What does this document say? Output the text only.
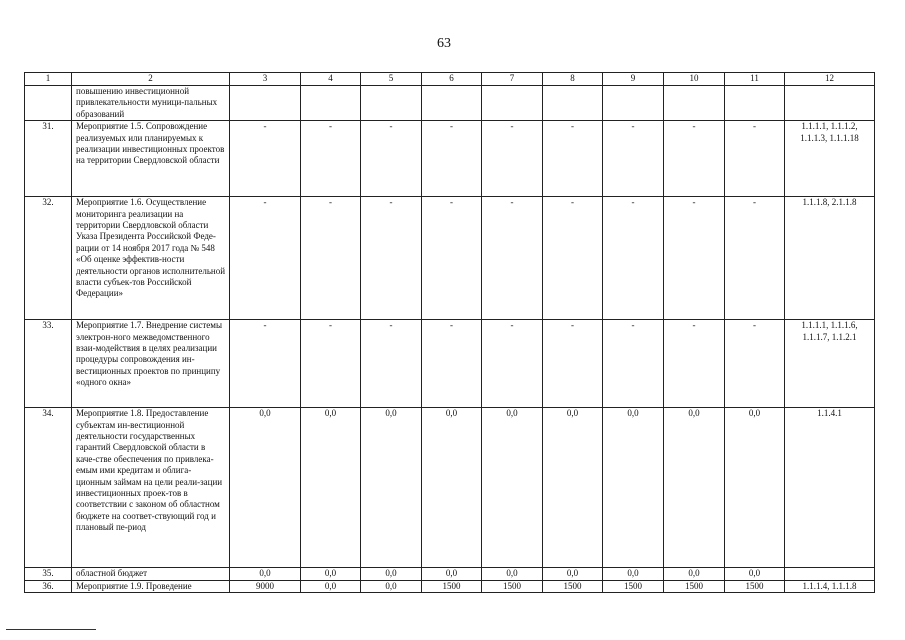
63
1	2	3	4	5	6	7	8	9	10	11	12
	повышению инвестиционной привлекательности муници-пальных образований										
31.	Мероприятие 1.5. Сопровождение реализуемых или планируемых к реализации инвестиционных проектов на территории Свердловской области	-	-	-	-	-	-	-	-	-	1.1.1.1, 1.1.1.2, 1.1.1.3, 1.1.1.18
32.	Мероприятие 1.6. Осуществление мониторинга реализации на территории Свердловской области Указа Президента Российской Феде-рации от 14 ноября 2017 года № 548 «Об оценке эффектив-ности деятельности органов исполнительной власти субъек-тов Российской Федерации»	-	-	-	-	-	-	-	-	-	1.1.1.8, 2.1.1.8
33.	Мероприятие 1.7. Внедрение системы электрон-ного межведомственного взаи-модействия в целях реализации процедуры сопровождения ин-вестиционных проектов по принципу «одного окна»	-	-	-	-	-	-	-	-	-	1.1.1.1, 1.1.1.6, 1.1.1.7, 1.1.2.1
34.	Мероприятие 1.8. Предоставление субъектам ин-вестиционной деятельности государственных гарантий Свердловской области в каче-стве обеспечения по привлека-емым ими кредитам и облига-ционным займам на цели реали-зации инвестиционных проек-тов в соответствии с законом об областном бюджете на соответ-ствующий год и плановый пе-риод	0,0	0,0	0,0	0,0	0,0	0,0	0,0	0,0	0,0	1.1.4.1
35.	областной бюджет	0,0	0,0	0,0	0,0	0,0	0,0	0,0	0,0	0,0	
36.	Мероприятие 1.9. Проведение	9000	0,0	0,0	1500	1500	1500	1500	1500	1500	1.1.1.4, 1.1.1.8
